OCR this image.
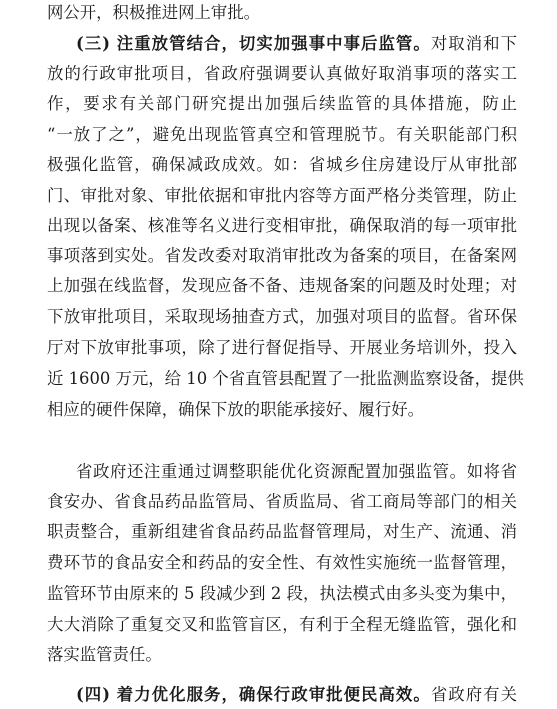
网公开，积极推进网上审批。

(三) 注重放管结合，切实加强事中事后监管。对取消和下

放的行政审批项目，省政府强调要认真做好取消事项的落实工

作，要求有关部门研究提出加强后续监管的具体措施，防止

“一放了之”，避免出现监管真空和管理脱节。有关职能部门积

极强化监管，确保减政成效。如：省城乡住房建设厅从审批部

门、审批对象、审批依据和审批内容等方面严格分类管理，防止

出现以备案、核准等名义进行变相审批，确保取消的每一项审批

事项落到实处。省发改委对取消审批改为备案的项目，在备案网

上加强在线监督，发现应备不备、违规备案的问题及时处理；对

下放审批项目，采取现场抽查方式，加强对项目的监督。省环保

厅对下放审批事项，除了进行督促指导、开展业务培训外，投入

近 1600 万元，给 10 个省直管县配置了一批监测监察设备，提供

相应的硬件保障，确保下放的职能承接好、履行好。

省政府还注重通过调整职能优化资源配置加强监管。如将省

食安办、省食品药品监管局、省质监局、省工商局等部门的相关

职责整合，重新组建省食品药品监督管理局，对生产、流通、消

费环节的食品安全和药品的安全性、有效性实施统一监督管理，

监管环节由原来的 5 段减少到 2 段，执法模式由多头变为集中，

大大消除了重复交叉和监管盲区，有利于全程无缝监管，强化和

落实监管责任。

(四) 着力优化服务，确保行政审批便民高效。省政府有关
